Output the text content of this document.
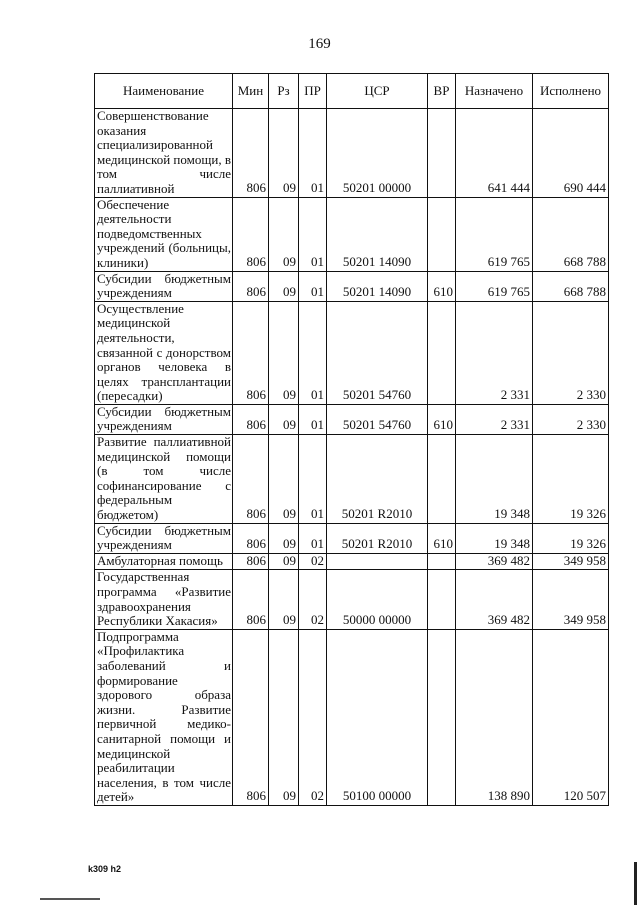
169
Наименование	Мин	Рз	ПР	ЦСР	ВР	Назначено	Исполнено
Совершенствование оказания специализированной медицинской помощи, в том числе паллиативной	806	09	01	50201 00000		641 444	690 444
Обеспечение деятельности подведомственных учреждений (больницы, клиники)	806	09	01	50201 14090		619 765	668 788
Субсидии бюджетным учреждениям	806	09	01	50201 14090	610	619 765	668 788
Осуществление медицинской деятельности, связанной с донорством органов человека в целях трансплантации (пересадки)	806	09	01	50201 54760		2 331	2 330
Субсидии бюджетным учреждениям	806	09	01	50201 54760	610	2 331	2 330
Развитие паллиативной медицинской помощи (в том числе софинансирование с федеральным бюджетом)	806	09	01	50201 R2010		19 348	19 326
Субсидии бюджетным учреждениям	806	09	01	50201 R2010	610	19 348	19 326
Амбулаторная помощь	806	09	02			369 482	349 958
Государственная программа «Развитие здравоохранения Республики Хакасия»	806	09	02	50000 00000		369 482	349 958
Подпрограмма «Профилактика заболеваний и формирование здорового образа жизни. Развитие первичной медико-санитарной помощи и медицинской реабилитации населения, в том числе детей»	806	09	02	50100 00000		138 890	120 507
k309 h2
